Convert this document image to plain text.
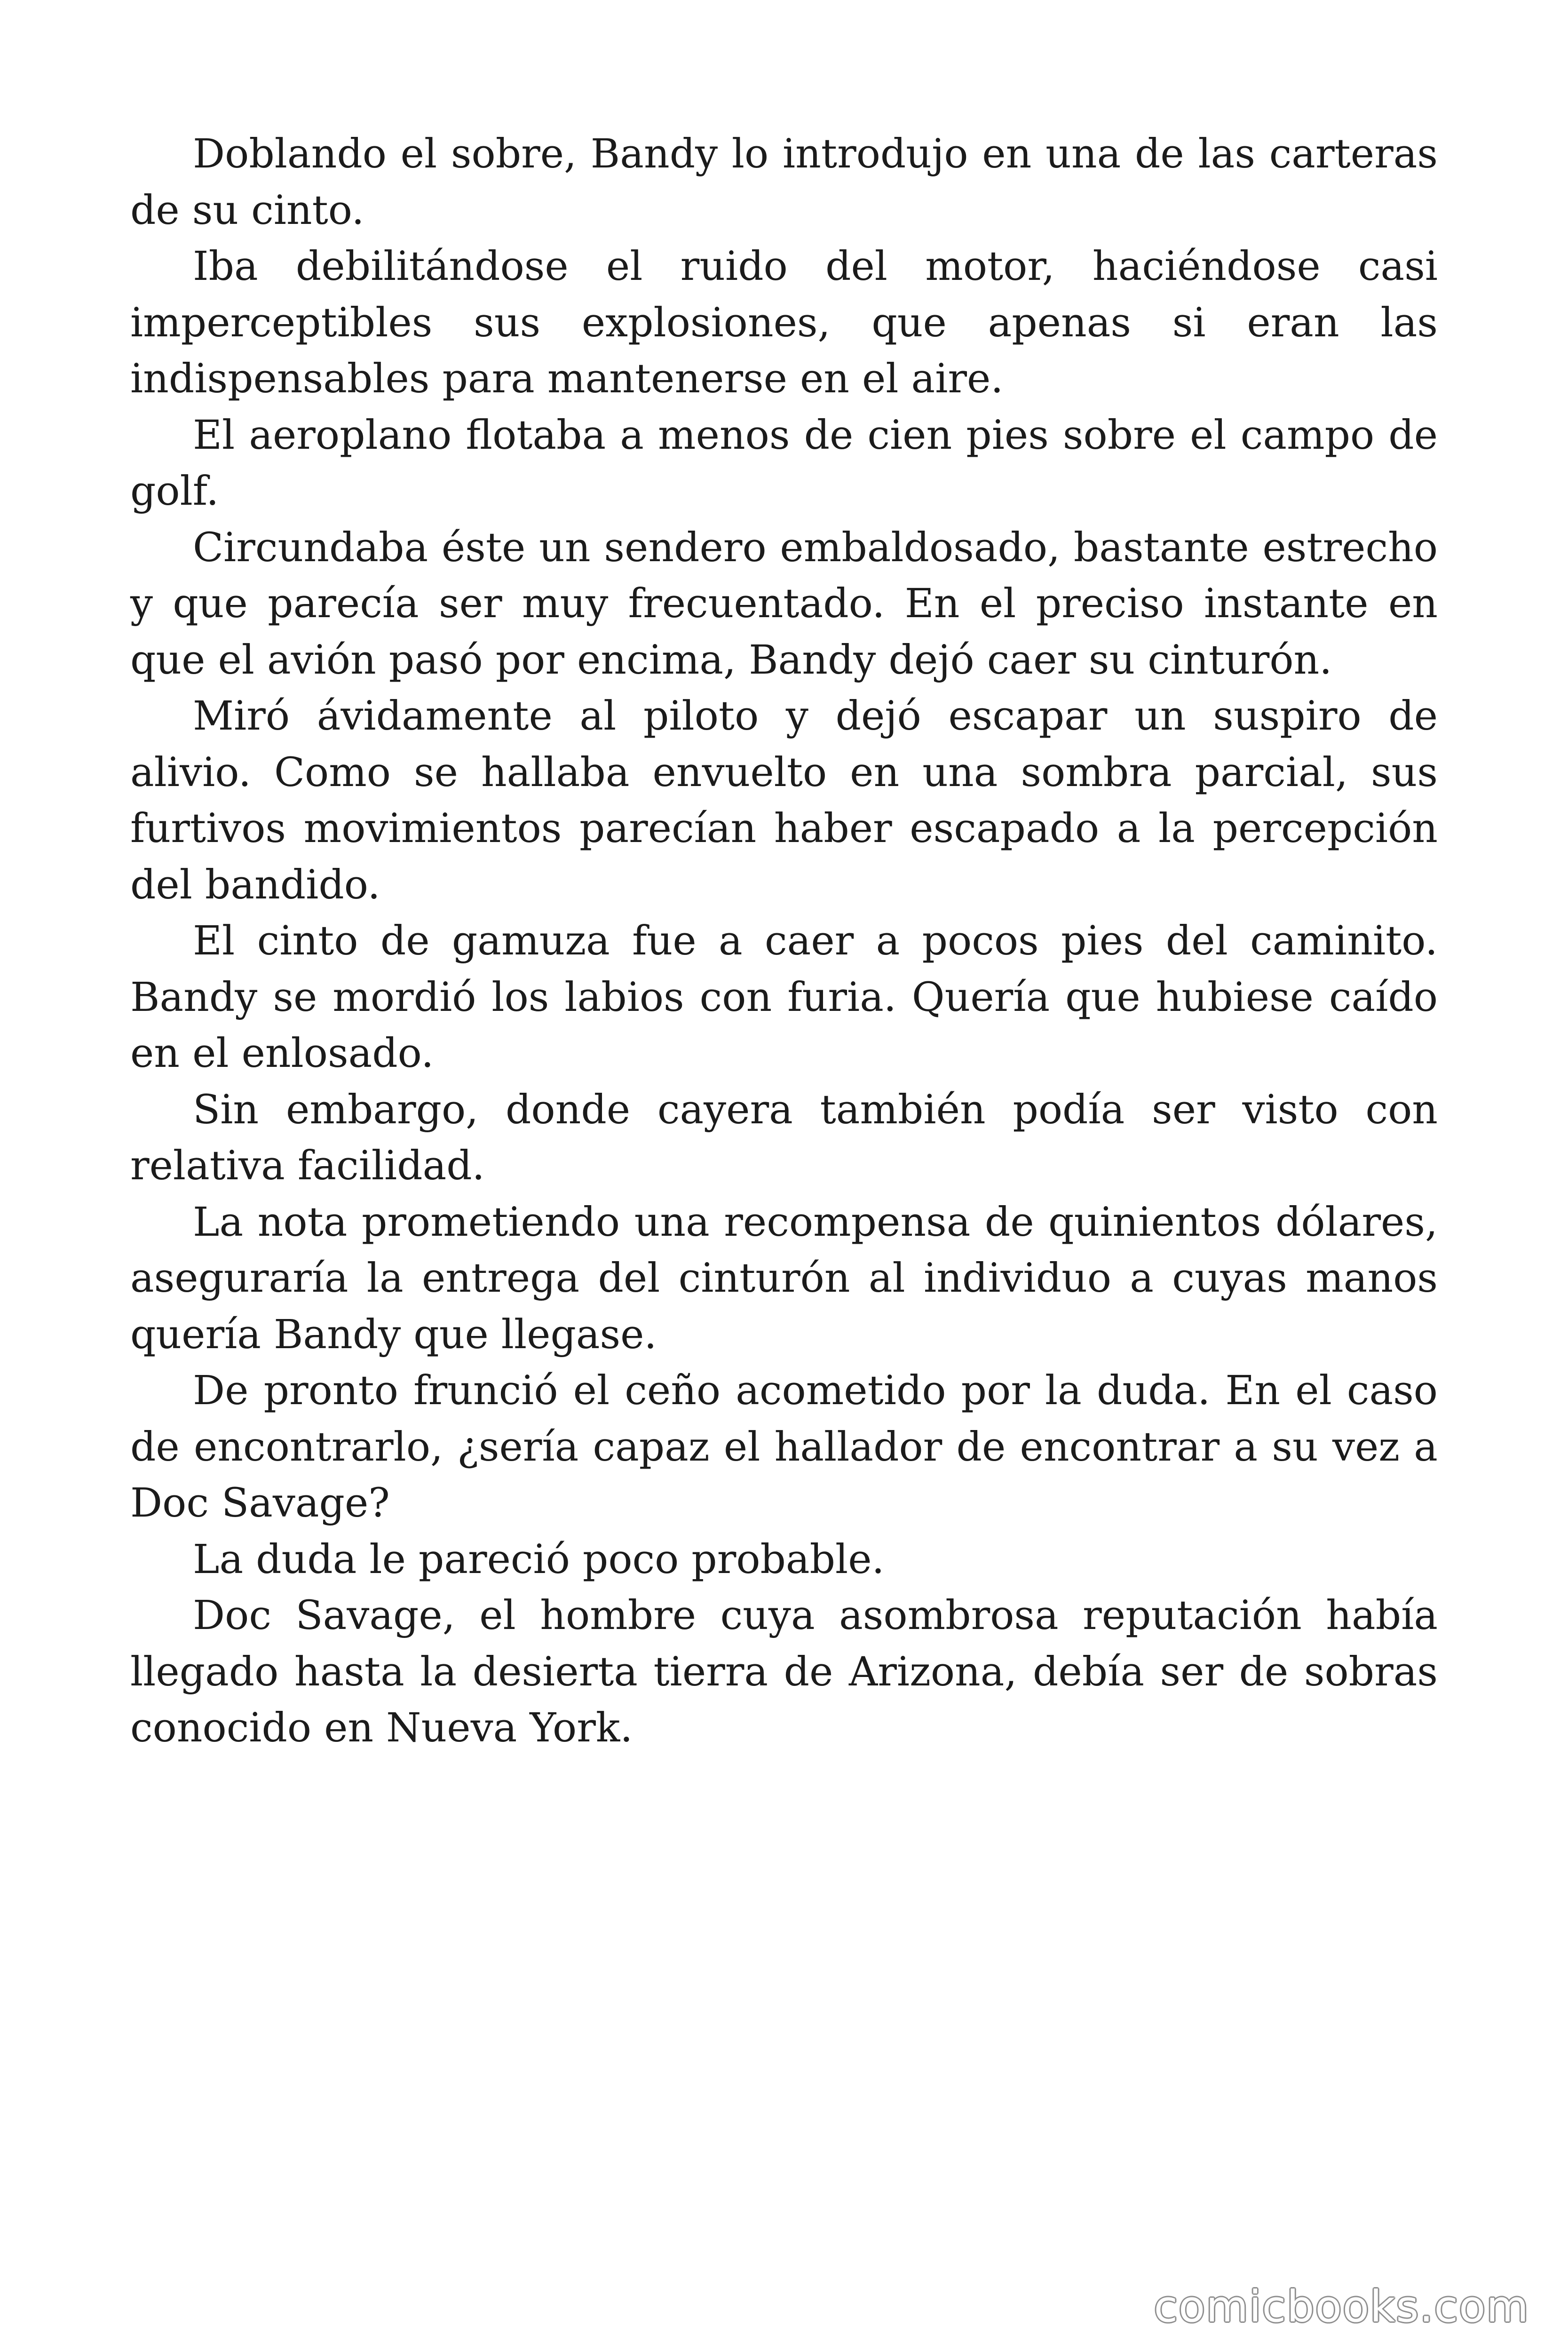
Doblando el sobre, Bandy lo introdujo en una de las carteras de su cinto.

Iba debilitándose el ruido del motor, haciéndose casi imperceptibles sus explosiones, que apenas si eran las indispensables para mantenerse en el aire.

El aeroplano flotaba a menos de cien pies sobre el campo de golf.

Circundaba éste un sendero embaldosado, bastante estrecho y que parecía ser muy frecuentado. En el preciso instante en que el avión pasó por encima, Bandy dejó caer su cinturón.

Miró ávidamente al piloto y dejó escapar un suspiro de alivio. Como se hallaba envuelto en una sombra parcial, sus furtivos movimientos parecían haber escapado a la percepción del bandido.

El cinto de gamuza fue a caer a pocos pies del caminito. Bandy se mordió los labios con furia. Quería que hubiese caído en el enlosado.

Sin embargo, donde cayera también podía ser visto con relativa facilidad.

La nota prometiendo una recompensa de quinientos dólares, aseguraría la entrega del cinturón al individuo a cuyas manos quería Bandy que llegase.

De pronto frunció el ceño acometido por la duda. En el caso de encontrarlo, ¿sería capaz el hallador de encontrar a su vez a Doc Savage?

La duda le pareció poco probable.

Doc Savage, el hombre cuya asombrosa reputación había llegado hasta la desierta tierra de Arizona, debía ser de sobras conocido en Nueva York.

comicbooks.com
